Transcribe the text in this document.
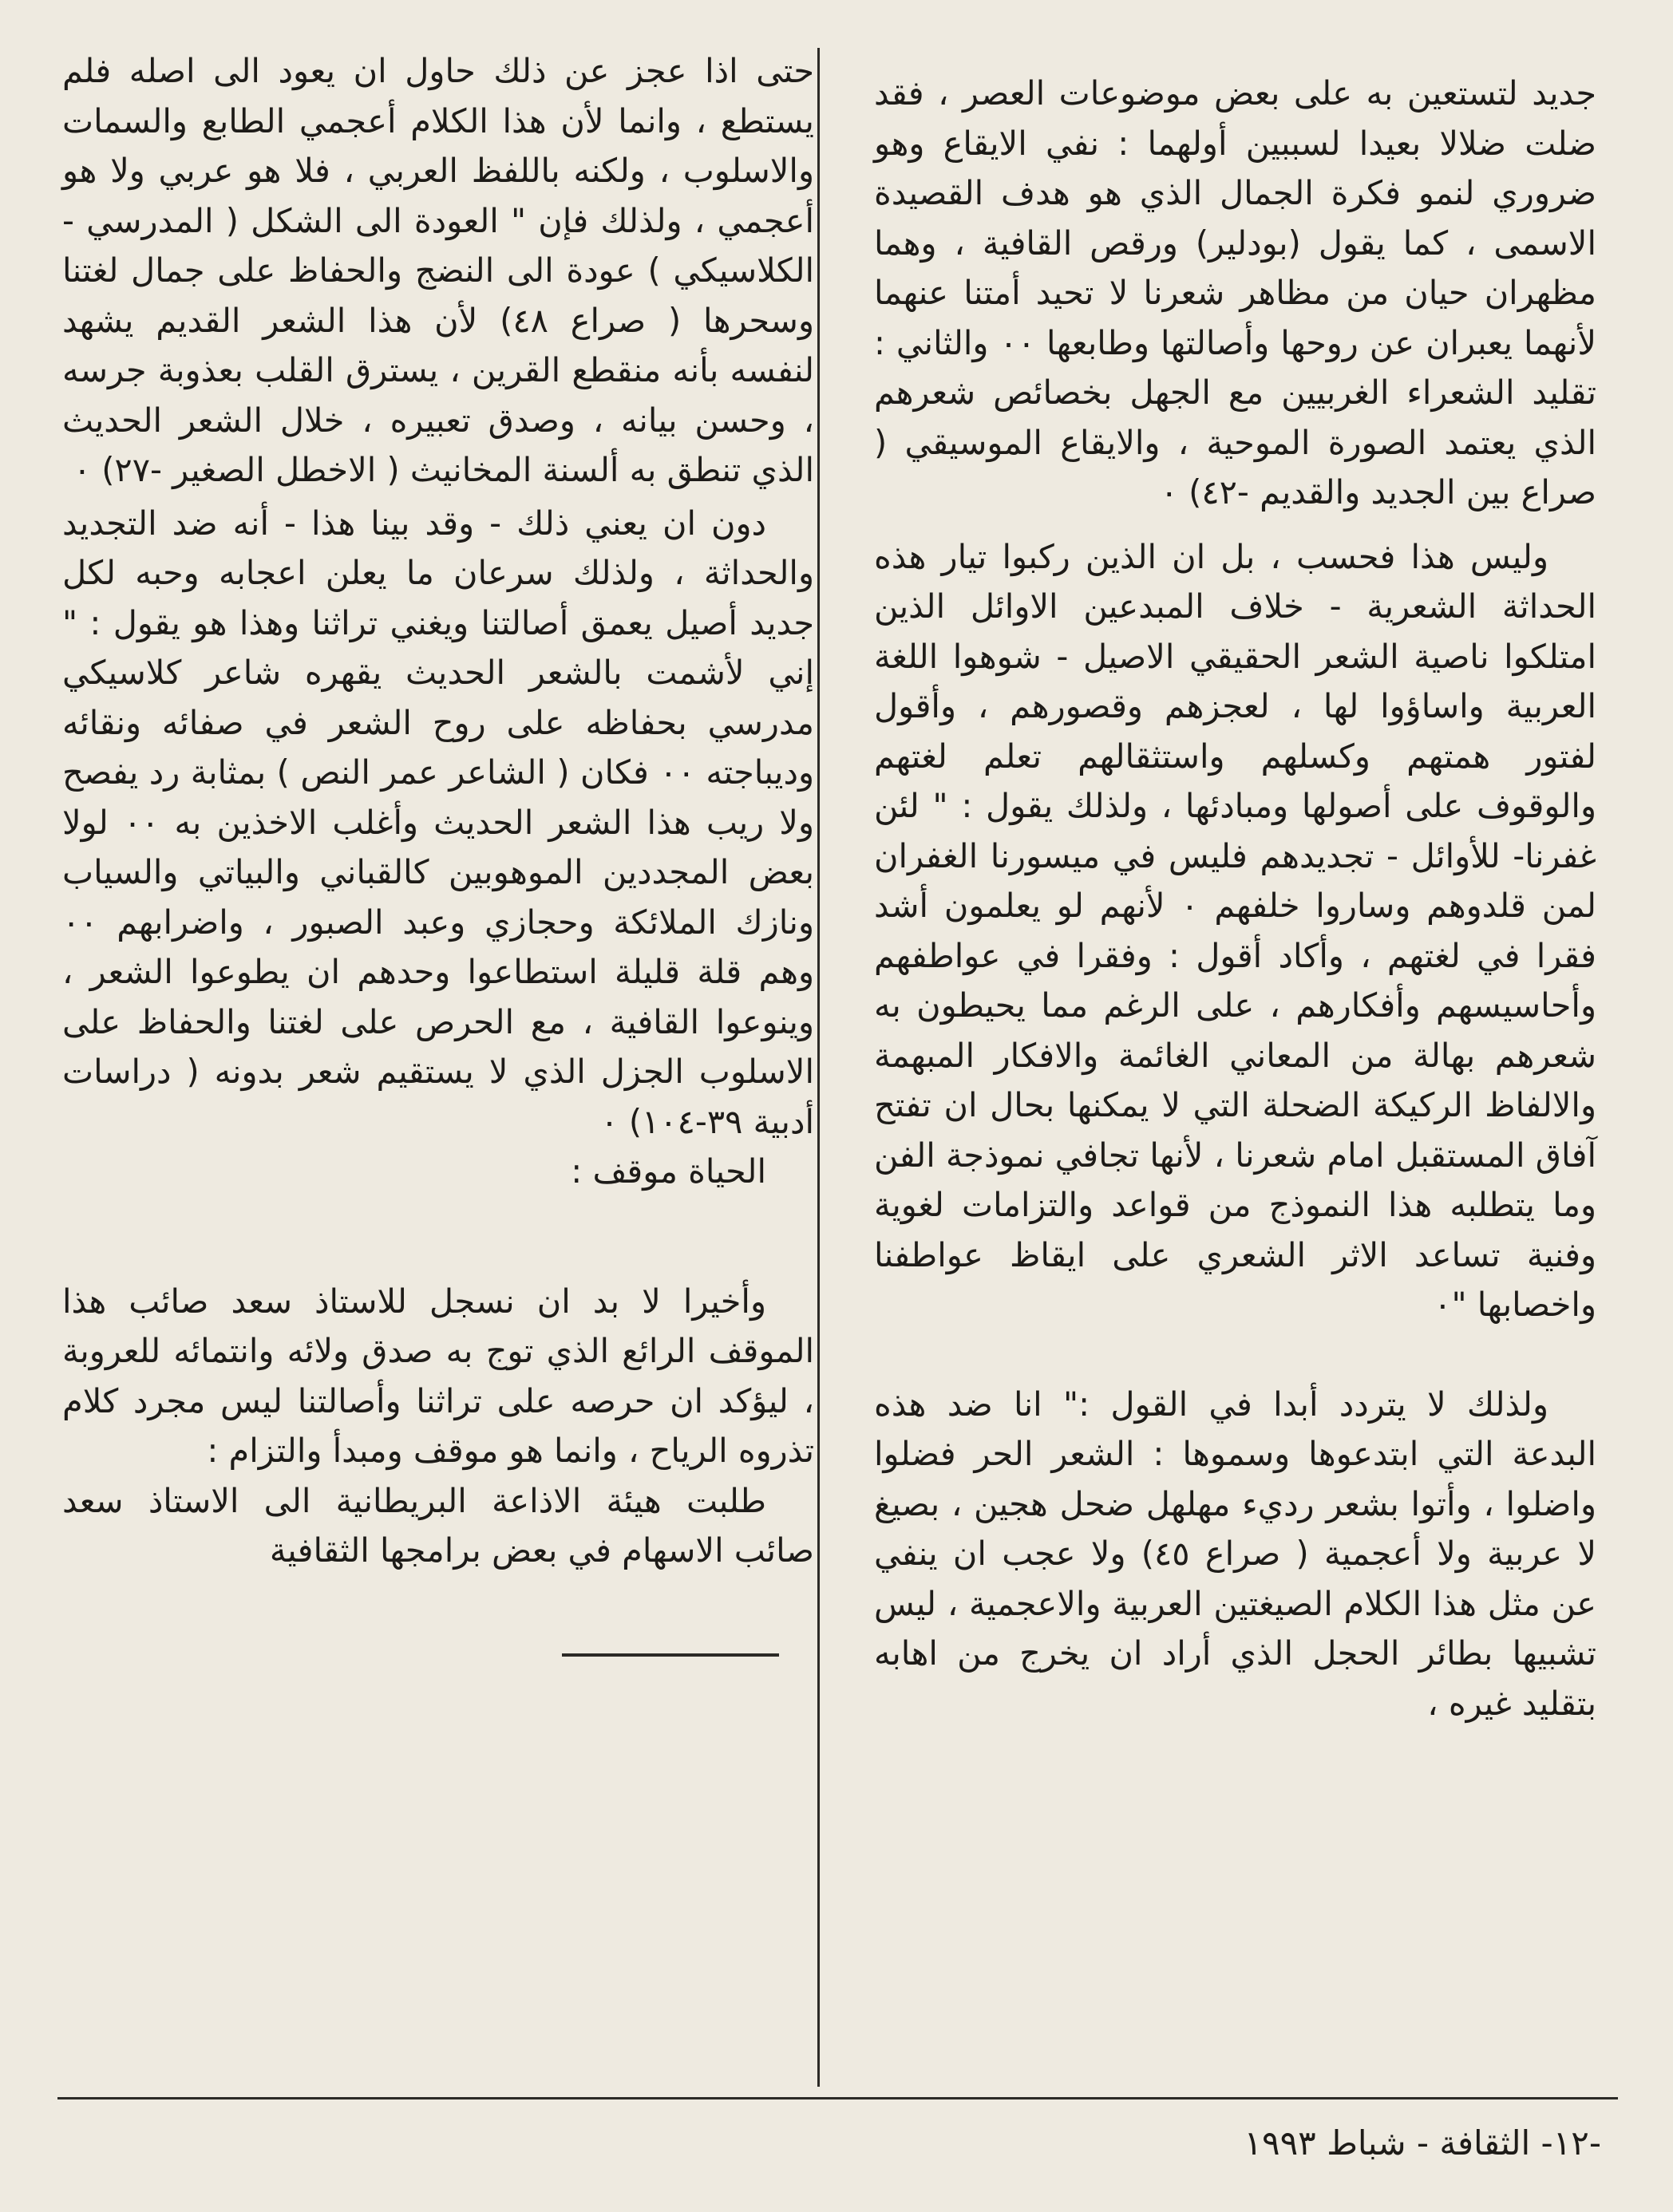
جديد لتستعين به على بعض موضوعات العصر ، فقد ضلت ضلالا بعيدا لسببين أولهما : نفي الايقاع وهو ضروري لنمو فكرة الجمال الذي هو هدف القصيدة الاسمى ، كما يقول (بودلير) ورقص القافية ، وهما مظهران حيان من مظاهر شعرنا لا تحيد أمتنا عنهما لأنهما يعبران عن روحها وأصالتها وطابعها ٠٠ والثاني : تقليد الشعراء الغربيين مع الجهل بخصائص شعرهم الذي يعتمد الصورة الموحية ، والايقاع الموسيقي ( صراع بين الجديد والقديم -٤٢) ٠

وليس هذا فحسب ، بل ان الذين ركبوا تيار هذه الحداثة الشعرية - خلاف المبدعين الاوائل الذين امتلكوا ناصية الشعر الحقيقي الاصيل - شوهوا اللغة العربية واساؤوا لها ، لعجزهم وقصورهم ، وأقول لفتور همتهم وكسلهم واستثقالهم تعلم لغتهم والوقوف على أصولها ومبادئها ، ولذلك يقول : " لئن غفرنا- للأوائل - تجديدهم فليس في ميسورنا الغفران لمن قلدوهم وساروا خلفهم ٠ لأنهم لو يعلمون أشد فقرا في لغتهم ، وأكاد أقول : وفقرا في عواطفهم وأحاسيسهم وأفكارهم ، على الرغم مما يحيطون به شعرهم بهالة من المعاني الغائمة والافكار المبهمة والالفاظ الركيكة الضحلة التي لا يمكنها بحال ان تفتح آفاق المستقبل امام شعرنا ، لأنها تجافي نموذجة الفن وما يتطلبه هذا النموذج من قواعد والتزامات لغوية وفنية تساعد الاثر الشعري على ايقاظ عواطفنا واخصابها "٠

ولذلك لا يتردد أبدا في القول :" انا ضد هذه البدعة التي ابتدعوها وسموها : الشعر الحر فضلوا واضلوا ، وأتوا بشعر رديء مهلهل ضحل هجين ، بصيغ لا عربية ولا أعجمية ( صراع ٤٥) ولا عجب ان ينفي عن مثل هذا الكلام الصيغتين العربية والاعجمية ، ليس تشبيها بطائر الحجل الذي أراد ان يخرج من اهابه بتقليد غيره ،

حتى اذا عجز عن ذلك حاول ان يعود الى اصله فلم يستطع ، وانما لأن هذا الكلام أعجمي الطابع والسمات والاسلوب ، ولكنه باللفظ العربي ، فلا هو عربي ولا هو أعجمي ، ولذلك فإن " العودة الى الشكل ( المدرسي - الكلاسيكي ) عودة الى النضج والحفاظ على جمال لغتنا وسحرها ( صراع ٤٨) لأن هذا الشعر القديم يشهد لنفسه بأنه منقطع القرين ، يسترق القلب بعذوبة جرسه ، وحسن بيانه ، وصدق تعبيره ، خلال الشعر الحديث الذي تنطق به ألسنة المخانيث ( الاخطل الصغير -٢٧) ٠

دون ان يعني ذلك - وقد بينا هذا - أنه ضد التجديد والحداثة ، ولذلك سرعان ما يعلن اعجابه وحبه لكل جديد أصيل يعمق أصالتنا ويغني تراثنا وهذا هو يقول : " إني لأشمت بالشعر الحديث يقهره شاعر كلاسيكي مدرسي بحفاظه على روح الشعر في صفائه ونقائه وديباجته ٠٠ فكان ( الشاعر عمر النص ) بمثابة رد يفصح ولا ريب هذا الشعر الحديث وأغلب الاخذين به ٠٠ لولا بعض المجددين الموهوبين كالقباني والبياتي والسياب ونازك الملائكة وحجازي وعبد الصبور ، واضرابهم ٠٠ وهم قلة قليلة استطاعوا وحدهم ان يطوعوا الشعر ، وينوعوا القافية ، مع الحرص على لغتنا والحفاظ على الاسلوب الجزل الذي لا يستقيم شعر بدونه ( دراسات أدبية ٣٩-١٠٤) ٠

الحياة موقف :

وأخيرا لا بد ان نسجل للاستاذ سعد صائب هذا الموقف الرائع الذي توج به صدق ولائه وانتمائه للعروبة ، ليؤكد ان حرصه على تراثنا وأصالتنا ليس مجرد كلام تذروه الرياح ، وانما هو موقف ومبدأ والتزام :

طلبت هيئة الاذاعة البريطانية الى الاستاذ سعد صائب الاسهام في بعض برامجها الثقافية

-١٢- الثقافة - شباط ١٩٩٣
